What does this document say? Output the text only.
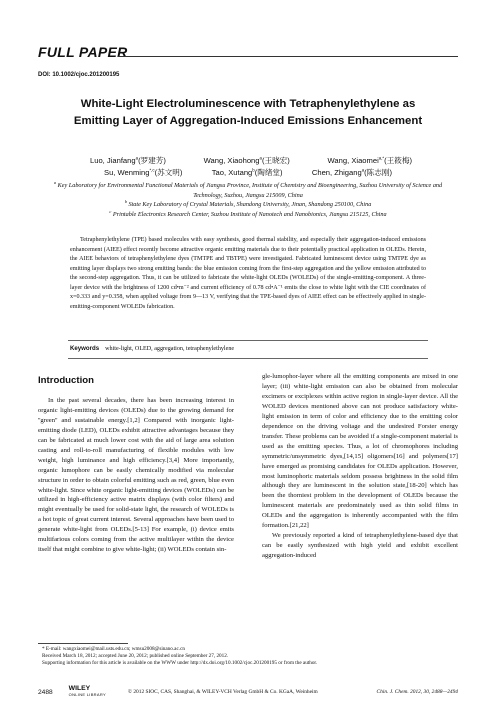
FULL PAPER
DOI: 10.1002/cjoc.201200195
White-Light Electroluminescence with Tetraphenylethylene as Emitting Layer of Aggregation-Induced Emissions Enhancement
Luo, Jianfang$^a$(罗建芳)	Wang, Xiaohong$^a$(王晓宏)	Wang, Xiaomei$^{a,*}$(王筱梅)
Su, Wenming$^{*,c}$(苏文明)	Tao, Xutang$^b$(陶绪堂)	Chen, Zhigang$^a$(陈志刚)
$^a$ Key Laboratory for Environmental Functional Materials of Jiangsu Province, Institute of Chemistry and Bioengineering, Suzhou University of Science and Technology, Suzhou, Jiangsu 215009, China
$^b$ State Key Laboratory of Crystal Materials, Shandong University, Jinan, Shandong 250100, China
$^c$ Printable Electronics Research Center, Suzhou Institute of Nanotech and Nanobionics, Jiangsu 215125, China
Tetraphenylethylene (TPE) based molecules with easy synthesis, good thermal stability, and especially their aggregation-induced emissions enhancement (AIEE) effect recently become attractive organic emitting materials due to their potentially practical application in OLEDs. Herein, the AIEE behaviors of tetraphenylethylene dyes (TMTPE and TBTPE) were investigated. Fabricated luminescent device using TMTPE dye as emitting layer displays two strong emitting bands: the blue emission coming from the first-step aggregation and the yellow emission attributed to the second-step aggregation. Thus, it can be utilized to fabricate the white-light OLEDs (WOLEDs) of the single-emitting-component. A three-layer device with the brightness of 1200 cd•m⁻² and current efficiency of 0.78 cd•A⁻¹ emits the close to white light with the CIE coordinates of x=0.333 and y=0.358, when applied voltage from 9—13 V, verifying that the TPE-based dyes of AIEE effect can be effectively applied in single-emitting-component WOLEDs fabrication.
Keywords white-light, OLED, aggregation, tetraphenylethylene
Introduction

In the past several decades, there has been increasing interest in organic light-emitting devices (OLEDs) due to the growing demand for ''green'' and sustainable energy.[1,2] Compared with inorganic light-emitting diode (LED), OLEDs exhibit attractive advantages because they can be fabricated at much lower cost with the aid of large area solution casting and roll-to-roll manufacturing of flexible modules with low weight, high luminance and high efficiency.[3,4] More importantly, organic lumophore can be easily chemically modified via molecular structure in order to obtain colorful emitting such as red, green, blue even white-light. Since white organic light-emitting devices (WOLEDs) can be utilized in high-efficiency active matrix displays (with color filters) and might eventually be used for solid-state light, the research of WOLEDs is a hot topic of great current interest. Several approaches have been used to generate white-light from OLEDs.[5-13] For example, (i) device emits multifarious colors coming from the active multilayer within the device itself that might combine to give white-light; (ii) WOLEDs contain sin-

gle-lumophor-layer where all the emitting components are mixed in one layer; (iii) white-light emission can also be obtained from molecular excimers or exciplexes within active region in single-layer device. All the WOLED devices mentioned above can not produce satisfactory white-light emission in term of color and efficiency due to the emitting color dependence on the driving voltage and the undesired Forster energy transfer. These problems can be avoided if a single-component material is used as the emitting species. Thus, a lot of chromophores including symmetric/unsymmetric dyes,[14,15] oligomers[16] and polymers[17] have emerged as promising candidates for OLEDs application. However, most luminophoric materials seldom possess brightness in the solid film although they are luminescent in the solution state,[18-20] which has been the thorniest problem in the development of OLEDs because the luminescent materials are predominately used as thin solid films in OLEDs and the aggregation is inherently accompanied with the film formation.[21,22]

We previously reported a kind of tetraphenylethylene-based dye that can be easily synthesized with high yield and exhibit excellent aggregation-induced

* E-mail: wangxiaomei@mail.usts.edu.cn; wmsu2008@sinano.ac.cn
Received March 18, 2012; accepted June 20, 2012; published online September 27, 2012.
Supporting information for this article is available on the WWW under http://dx.doi.org/10.1002/cjoc.201200195 or from the author.
2488 WILEY
ONLINE LIBRARY	© 2012 SIOC, CAS, Shanghai, & WILEY-VCH Verlag GmbH & Co. KGaA, Weinheim	Chin. J. Chem. 2012, 30, 2488—2494
